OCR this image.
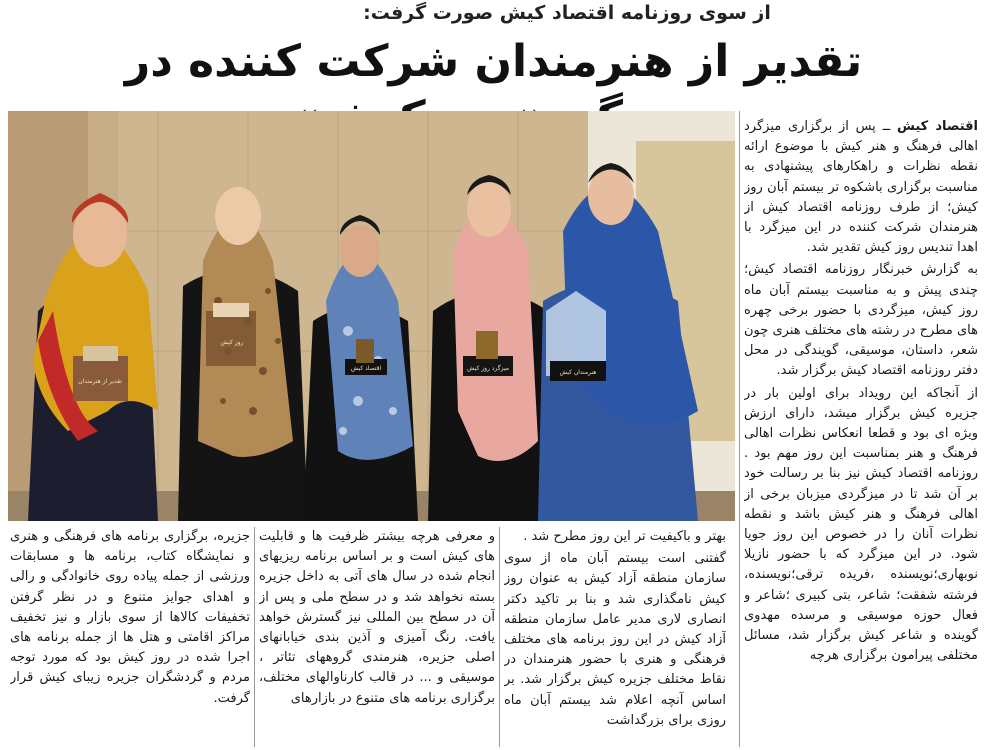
از سوی روزنامه اقتصاد کیش صورت گرفت:
تقدیر از هنرمندان شرکت کننده در
تقدیر از هنرمندان
روز کیش
اقتصاد کیش	میزگرد روز کیش
هنرمندان کیش

اقتصاد کیش ــ پس از برگزاری میزگرد اهالی فرهنگ و هنر کیش با موضوع ارائه نقطه نظرات و راهکارهای پیشنهادی به مناسبت برگزاری باشکوه تر بیستم آبان روز کیش؛ از طرف روزنامه اقتصاد کیش از هنرمندان شرکت کننده در این میزگرد با اهدا تندیس روز کیش تقدیر شد.

به گزارش خبرنگار روزنامه اقتصاد کیش؛ چندی پیش و به مناسبت بیستم آبان ماه روز کیش، میزگردی با حضور برخی چهره های مطرح در رشته های مختلف هنری چون شعر، داستان، موسیقی، گویندگی در محل دفتر روزنامه اقتصاد کیش برگزار شد.

از آنجاکه این رویداد برای اولین بار در جزیره کیش برگزار میشد، دارای ارزش ویژه ای بود و قطعا انعکاس نظرات اهالی فرهنگ و هنر بمناسبت این روز مهم بود . روزنامه اقتصاد کیش نیز بنا بر رسالت خود بر آن شد تا در میزگردی میزبان برخی از اهالی فرهنگ و هنر کیش باشد و نقطه نظرات آنان را در خصوص این روز جویا شود. در این میزگرد که با حضور نازیلا نوبهاری؛نویسنده ،فریده ترقی؛نویسنده، فرشته شفقت؛ شاعر، بتی کبیری ؛شاعر و فعال حوزه موسیقی و مرسده مهدوی گوینده و شاعر کیش برگزار شد، مسائل مختلفی پیرامون برگزاری هرچه

بهتر و باکیفیت تر این روز مطرح شد .

گفتنی است بیستم آبان ماه از سوی سازمان منطقه آزاد کیش به عنوان روز کیش نامگذاری شد و بنا بر تاکید دکتر انصاری لاری مدیر عامل سازمان منطقه آزاد کیش در این روز برنامه های مختلف فرهنگی و هنری با حضور هنرمندان در نقاط مختلف جزیره کیش برگزار شد. بر اساس آنچه اعلام شد بیستم آبان ماه روزی برای بزرگداشت

و معرفی هرچه بیشتر ظرفیت ها و قابلیت های کیش است و بر اساس برنامه ریزیهای انجام شده در سال های آتی به داخل جزیره بسته نخواهد شد و در سطح ملی و پس از آن در سطح بین المللی نیز گسترش خواهد یافت. رنگ آمیزی و آذین بندی خیابانهای اصلی جزیره، هنرمندی گروههای تئاتر ، موسیقی و ... در قالب کارناوالهای مختلف، برگزاری برنامه های متنوع در بازارهای

جزیره، برگزاری برنامه های فرهنگی و هنری و نمایشگاه کتاب، برنامه ها و مسابقات ورزشی از جمله پیاده روی خانوادگی و رالی و اهدای جوایز متنوع و در نظر گرفتن تخفیفات کالاها از سوی بازار و نیز تخفیف مراکز اقامتی و هتل ها از جمله برنامه های اجرا شده در روز کیش بود که مورد توجه مردم و گردشگران جزیره زیبای کیش قرار گرفت.
